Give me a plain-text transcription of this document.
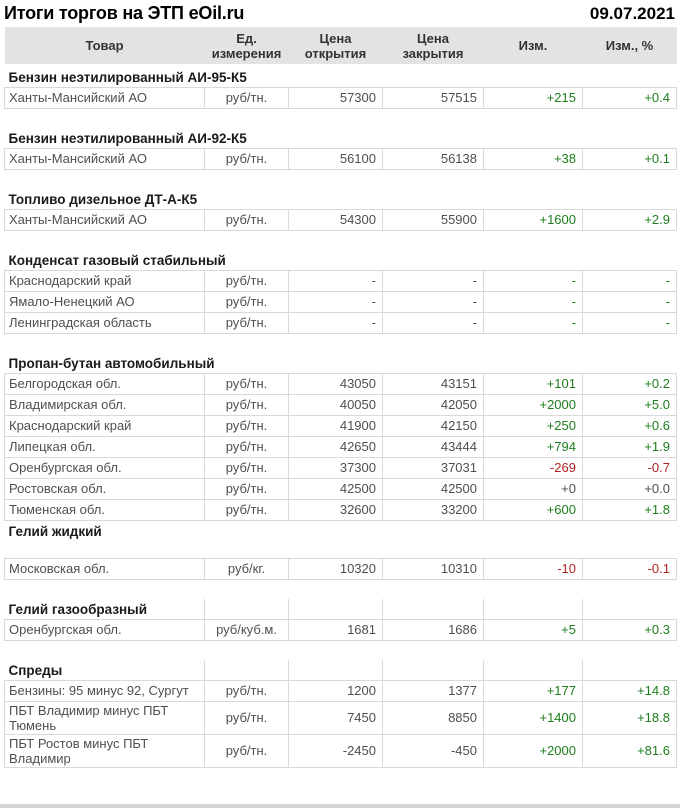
Итоги торгов на ЭТП eOil.ru	09.07.2021
Товар	Ед. измерения	Цена открытия	Цена закрытия	Изм.	Изм., %

Бензин неэтилированный АИ-95-К5					
Ханты-Мансийский АО	руб/тн.	57300	57515	+215	+0.4

Бензин неэтилированный АИ-92-К5					
Ханты-Мансийский АО	руб/тн.	56100	56138	+38	+0.1

Топливо дизельное ДТ-А-К5					
Ханты-Мансийский АО	руб/тн.	54300	55900	+1600	+2.9

Конденсат газовый стабильный					
Краснодарский край	руб/тн.	-	-	-	-
Ямало-Ненецкий АО	руб/тн.	-	-	-	-
Ленинградская область	руб/тн.	-	-	-	-

Пропан-бутан автомобильный					
Белгородская обл.	руб/тн.	43050	43151	+101	+0.2
Владимирская обл.	руб/тн.	40050	42050	+2000	+5.0
Краснодарский край	руб/тн.	41900	42150	+250	+0.6
Липецкая обл.	руб/тн.	42650	43444	+794	+1.9
Оренбургская обл.	руб/тн.	37300	37031	-269	-0.7
Ростовская обл.	руб/тн.	42500	42500	+0	+0.0
Тюменская обл.	руб/тн.	32600	33200	+600	+1.8
Гелий жидкий					

Московская обл.	руб/кг.	10320	10310	-10	-0.1

Гелий газообразный					
Оренбургская обл.	руб/куб.м.	1681	1686	+5	+0.3

Спреды					
Бензины: 95 минус 92, Сургут	руб/тн.	1200	1377	+177	+14.8
ПБТ Владимир минус ПБТ Тюмень	руб/тн.	7450	8850	+1400	+18.8
ПБТ Ростов минус ПБТ Владимир	руб/тн.	-2450	-450	+2000	+81.6
